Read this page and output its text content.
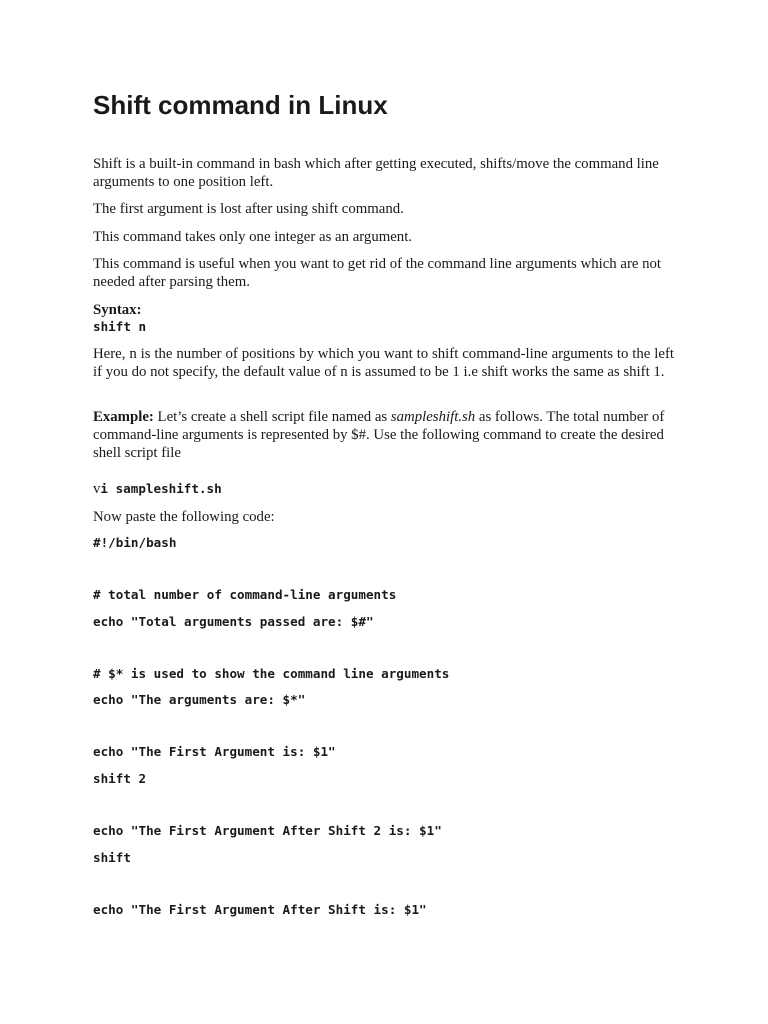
Shift command in Linux

Shift is a built-in command in bash which after getting executed, shifts/move the command line arguments to one position left.

The first argument is lost after using shift command.

This command takes only one integer as an argument.

This command is useful when you want to get rid of the command line arguments which are not needed after parsing them.

Syntax:

shift n

Here, n is the number of positions by which you want to shift command-line arguments to the left if you do not specify, the default value of n is assumed to be 1 i.e shift works the same as shift 1.

Example: Let’s create a shell script file named as sampleshift.sh as follows. The total number of command-line arguments is represented by $#. Use the following command to create the desired shell script file

vi sampleshift.sh

Now paste the following code:

#!/bin/bash

# total number of command-line arguments

echo "Total arguments passed are: $#"

# $* is used to show the command line arguments

echo "The arguments are: $*"

echo "The First Argument is: $1"

shift 2

echo "The First Argument After Shift 2 is: $1"

shift

echo "The First Argument After Shift is: $1"
